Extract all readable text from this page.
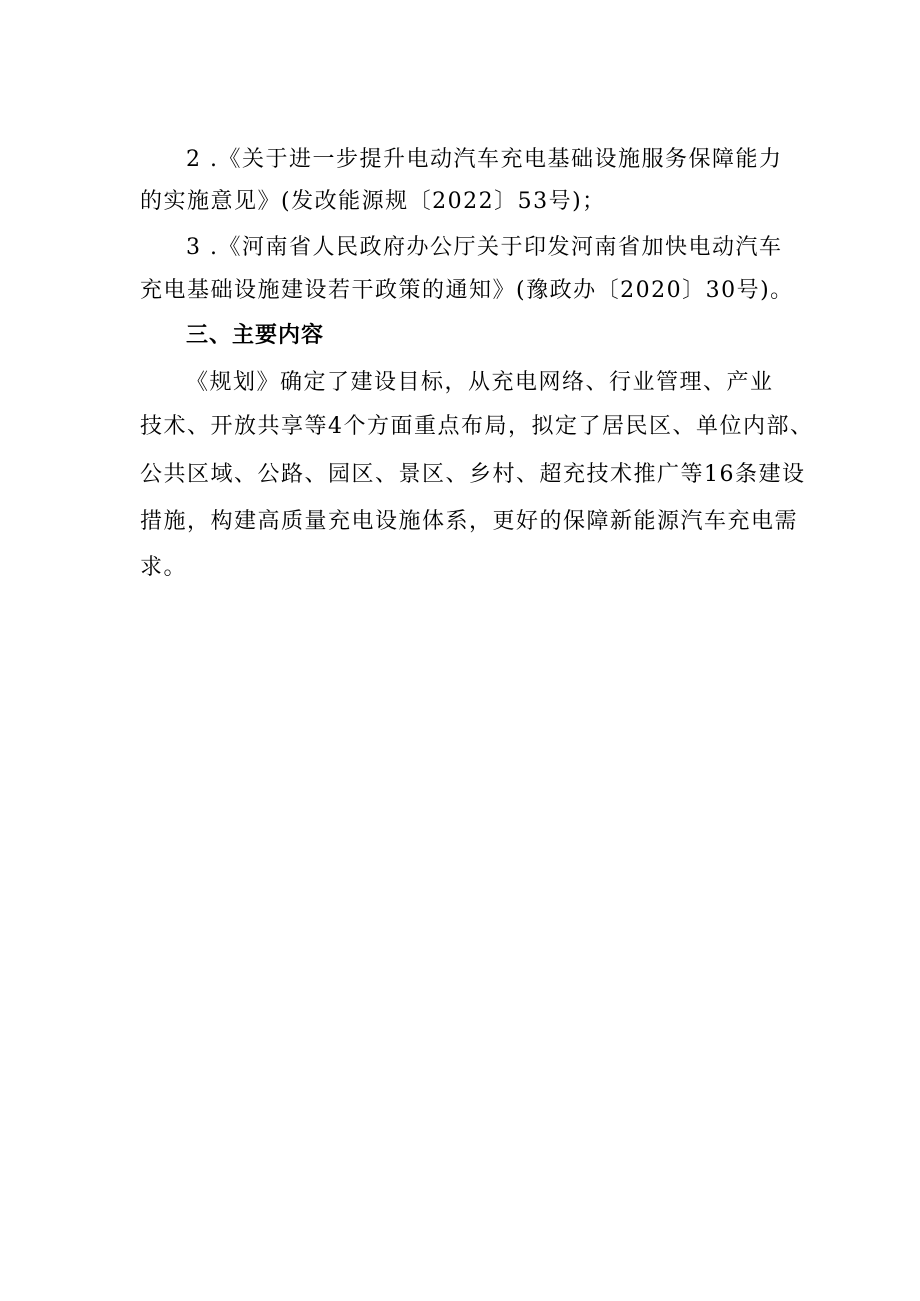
2 .《关于进一步提升电动汽车充电基础设施服务保障能力
的实施意见》(发改能源规〔2022〕53号)；
3 .《河南省人民政府办公厅关于印发河南省加快电动汽车
充电基础设施建设若干政策的通知》(豫政办〔2020〕30号)。
三、主要内容
《规划》确定了建设目标，从充电网络、行业管理、产业
技术、开放共享等4个方面重点布局，拟定了居民区、单位内部、
公共区域、公路、园区、景区、乡村、超充技术推广等16条建设
措施，构建高质量充电设施体系，更好的保障新能源汽车充电需
求。
